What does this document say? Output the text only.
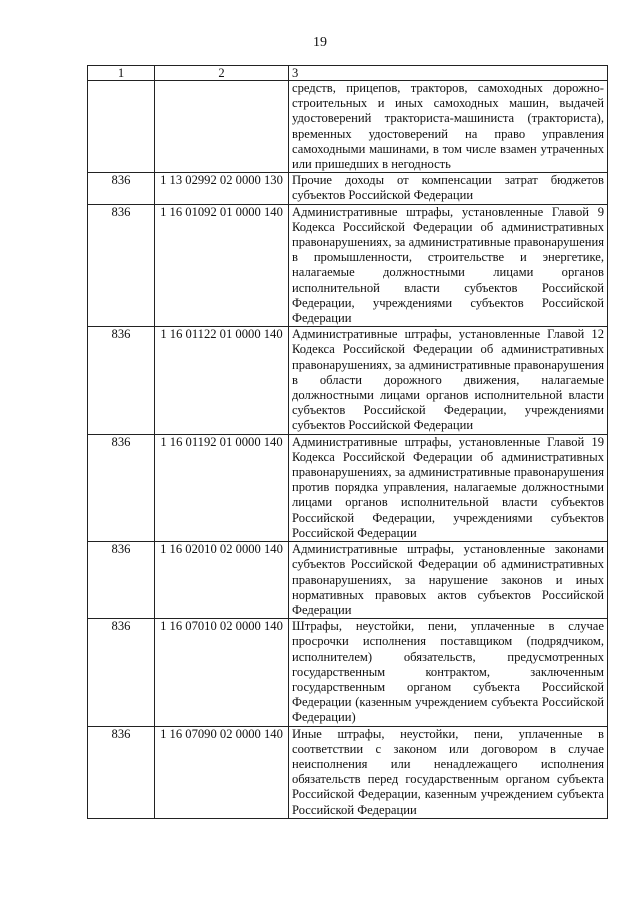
19
1	2	3
		средств, прицепов, тракторов, самоходных дорожно-строительных и иных самоходных машин, выдачей удостоверений тракториста-машиниста (тракториста), временных удостоверений на право управления самоходными машинами, в том числе взамен утраченных или пришедших в негодность
836	1 13 02992 02 0000 130	Прочие доходы от компенсации затрат бюджетов субъектов Российской Федерации
836	1 16 01092 01 0000 140	Административные штрафы, установленные Главой 9 Кодекса Российской Федерации об административных правонарушениях, за административные правонарушения в промышленности, строительстве и энергетике, налагаемые должностными лицами органов исполнительной власти субъектов Российской Федерации, учреждениями субъектов Российской Федерации
836	1 16 01122 01 0000 140	Административные штрафы, установленные Главой 12 Кодекса Российской Федерации об административных правонарушениях, за административные правонарушения в области дорожного движения, налагаемые должностными лицами органов исполнительной власти субъектов Российской Федерации, учреждениями субъектов Российской Федерации
836	1 16 01192 01 0000 140	Административные штрафы, установленные Главой 19 Кодекса Российской Федерации об административных правонарушениях, за административные правонарушения против порядка управления, налагаемые должностными лицами органов исполнительной власти субъектов Российской Федерации, учреждениями субъектов Российской Федерации
836	1 16 02010 02 0000 140	Административные штрафы, установленные законами субъектов Российской Федерации об административных правонарушениях, за нарушение законов и иных нормативных правовых актов субъектов Российской Федерации
836	1 16 07010 02 0000 140	Штрафы, неустойки, пени, уплаченные в случае просрочки исполнения поставщиком (подрядчиком, исполнителем) обязательств, предусмотренных государственным контрактом, заключенным государственным органом субъекта Российской Федерации (казенным учреждением субъекта Российской Федерации)
836	1 16 07090 02 0000 140	Иные штрафы, неустойки, пени, уплаченные в соответствии с законом или договором в случае неисполнения или ненадлежащего исполнения обязательств перед государственным органом субъекта Российской Федерации, казенным учреждением субъекта Российской Федерации
